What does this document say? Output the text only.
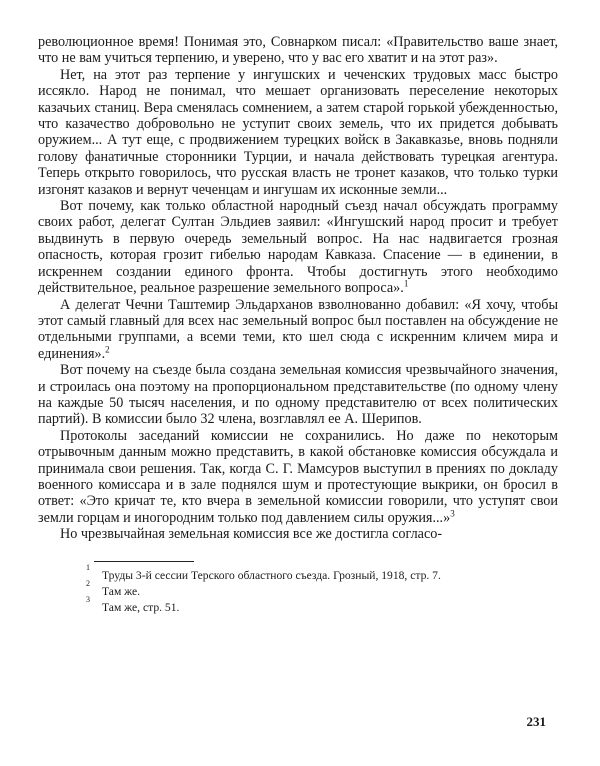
революционное время! Понимая это, Совнарком писал: «Правительство ваше знает, что не вам учиться терпению, и уверено, что у вас его хватит и на этот раз».

Нет, на этот раз терпение у ингушских и чеченских трудовых масс быстро иссякло. Народ не понимал, что мешает организовать переселение некоторых казачьих станиц. Вера сменялась сомнением, а затем старой горькой убежденностью, что казачество добровольно не уступит своих земель, что их придется добывать оружием... А тут еще, с продвижением турецких войск в Закавказье, вновь подняли голову фанатичные сторонники Турции, и начала действовать турецкая агентура. Теперь открыто говорилось, что русская власть не тронет казаков, что только турки изгонят казаков и вернут чеченцам и ингушам их исконные земли...

Вот почему, как только областной народный съезд начал обсуждать программу своих работ, делегат Султан Эльдиев заявил: «Ингушский народ просит и требует выдвинуть в первую очередь земельный вопрос. На нас надвигается грозная опасность, которая грозит гибелью народам Кавказа. Спасение — в единении, в искреннем создании единого фронта. Чтобы достигнуть этого необходимо действительное, реальное разрешение земельного вопроса».$^1$

А делегат Чечни Таштемир Эльдарханов взволнованно добавил: «Я хочу, чтобы этот самый главный для всех нас земельный вопрос был поставлен на обсуждение не отдельными группами, а всеми теми, кто шел сюда с искренним кличем мира и единения».$^2$

Вот почему на съезде была создана земельная комиссия чрезвычайного значения, и строилась она поэтому на пропорциональном представительстве (по одному члену на каждые 50 тысяч населения, и по одному представителю от всех политических партий). В комиссии было 32 члена, возглавлял ее А. Шерипов.

Протоколы заседаний комиссии не сохранились. Но даже по некоторым отрывочным данным можно представить, в какой обстановке комиссия обсуждала и принимала свои решения. Так, когда С. Г. Мамсуров выступил в прениях по докладу военного комиссара и в зале поднялся шум и протестующие выкрики, он бросил в ответ: «Это кричат те, кто вчера в земельной комиссии говорили, что уступят свои земли горцам и иногородним только под давлением силы оружия...»$^3$

Но чрезвычайная земельная комиссия все же достигла согласо-

1
Труды 3-й сессии Терского областного съезда. Грозный, 1918, стр. 7.
2
Там же.
3
Там же, стр. 51.
231
